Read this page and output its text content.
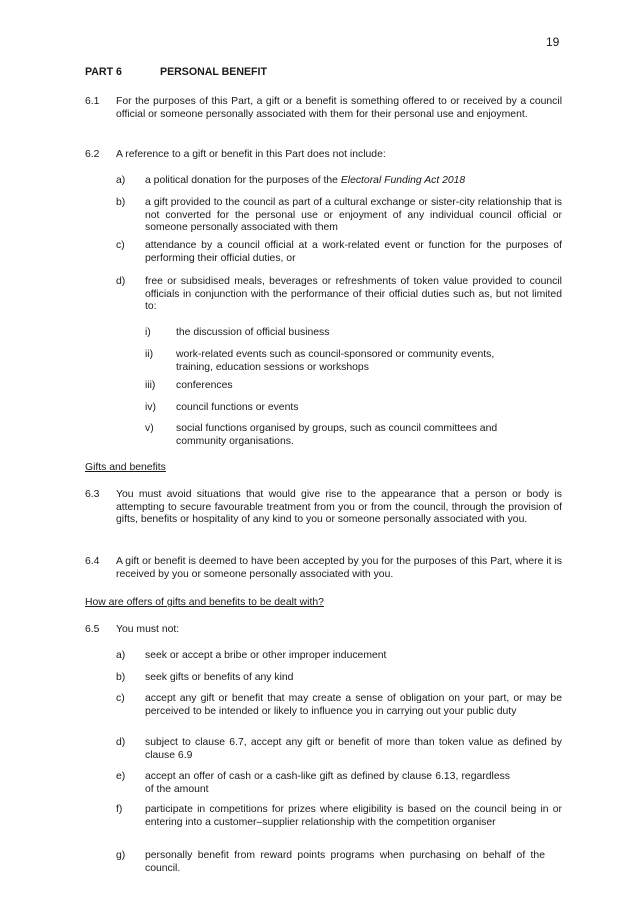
19
PART 6	PERSONAL BENEFIT
6.1 For the purposes of this Part, a gift or a benefit is something offered to or received by a council official or someone personally associated with them for their personal use and enjoyment.
6.2 A reference to a gift or benefit in this Part does not include:
a) a political donation for the purposes of the Electoral Funding Act 2018
b) a gift provided to the council as part of a cultural exchange or sister-city relationship that is not converted for the personal use or enjoyment of any individual council official or someone personally associated with them
c) attendance by a council official at a work-related event or function for the purposes of performing their official duties, or
d) free or subsidised meals, beverages or refreshments of token value provided to council officials in conjunction with the performance of their official duties such as, but not limited to:
i) the discussion of official business
ii) work-related events such as council-sponsored or community events, training, education sessions or workshops
iii) conferences
iv) council functions or events
v) social functions organised by groups, such as council committees and community organisations.
Gifts and benefits
6.3 You must avoid situations that would give rise to the appearance that a person or body is attempting to secure favourable treatment from you or from the council, through the provision of gifts, benefits or hospitality of any kind to you or someone personally associated with you.
6.4 A gift or benefit is deemed to have been accepted by you for the purposes of this Part, where it is received by you or someone personally associated with you.
How are offers of gifts and benefits to be dealt with?
6.5 You must not:
a) seek or accept a bribe or other improper inducement
b) seek gifts or benefits of any kind
c) accept any gift or benefit that may create a sense of obligation on your part, or may be perceived to be intended or likely to influence you in carrying out your public duty
d) subject to clause 6.7, accept any gift or benefit of more than token value as defined by clause 6.9
e) accept an offer of cash or a cash-like gift as defined by clause 6.13, regardless of the amount
f) participate in competitions for prizes where eligibility is based on the council being in or entering into a customer–supplier relationship with the competition organiser
g) personally benefit from reward points programs when purchasing on behalf of the council.
